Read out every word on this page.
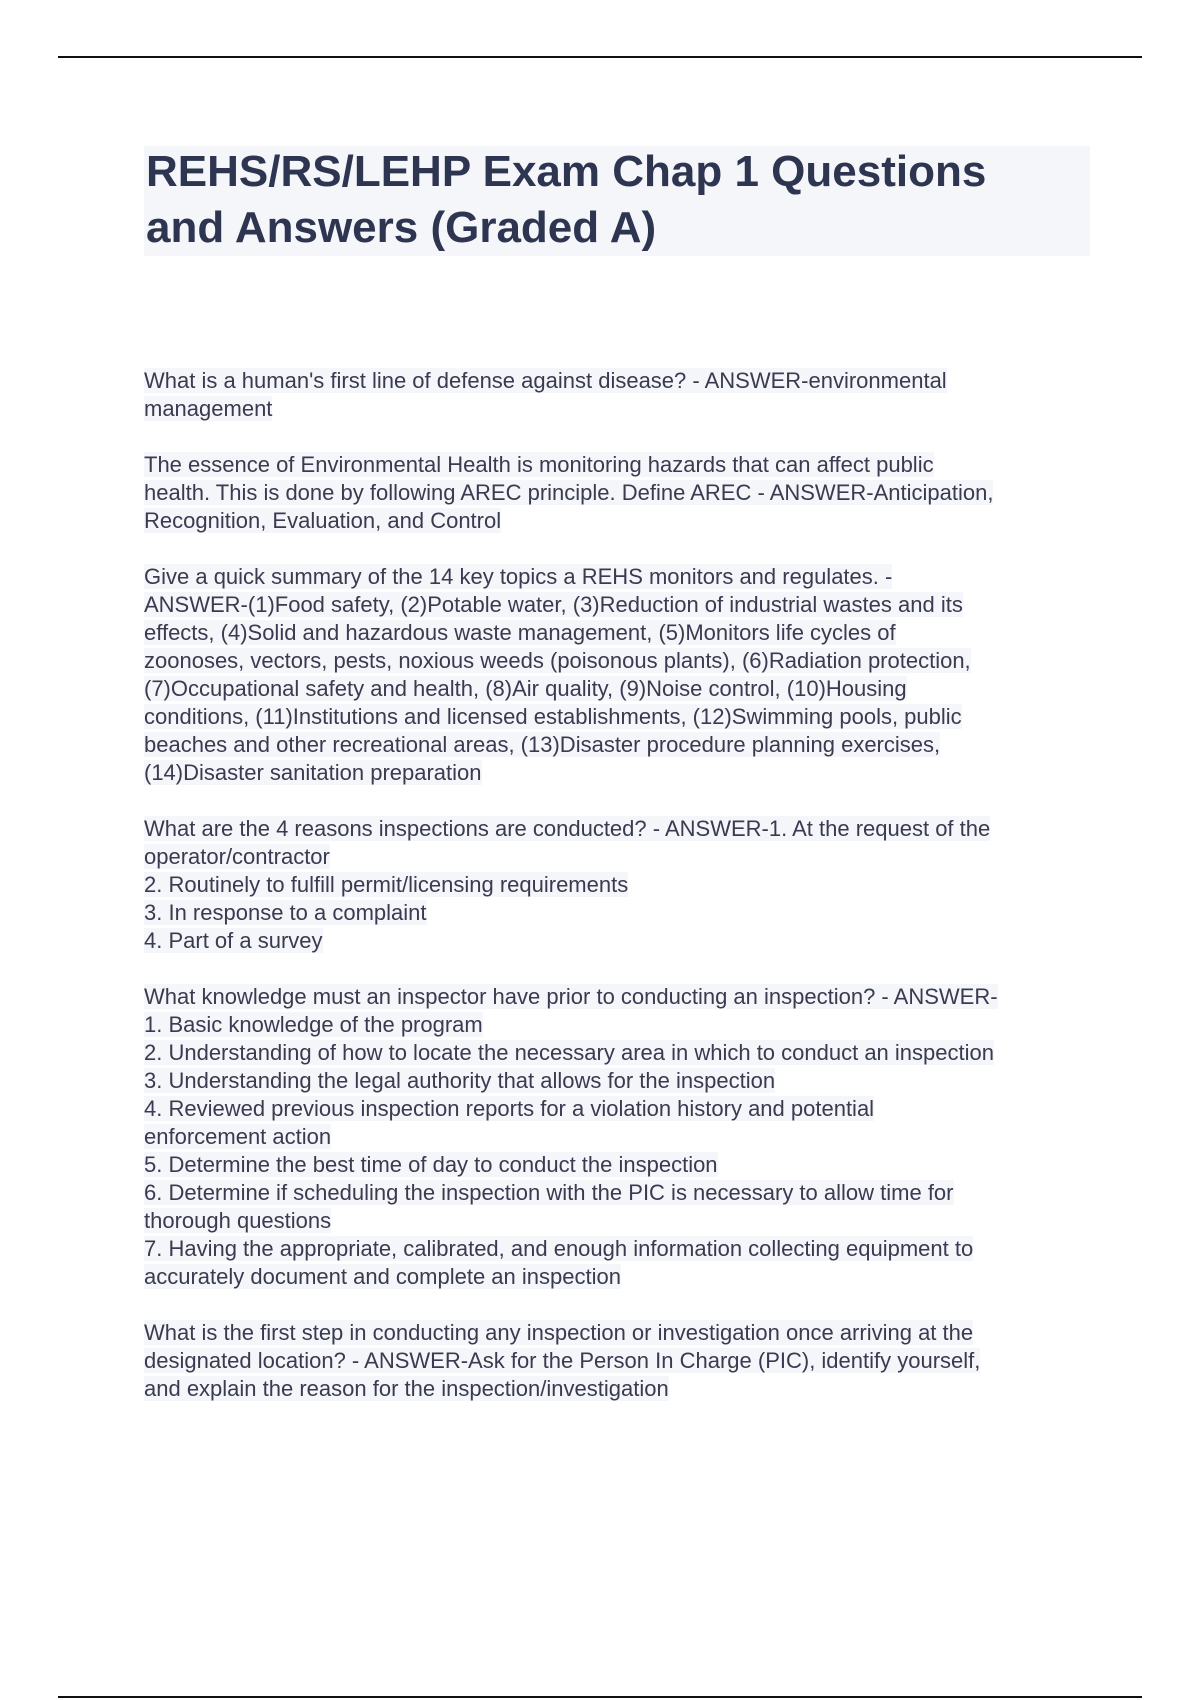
REHS/RS/LEHP Exam Chap 1 Questions
and Answers (Graded A)
What is a human's first line of defense against disease? - ANSWER-environmental
management
The essence of Environmental Health is monitoring hazards that can affect public
health. This is done by following AREC principle. Define AREC - ANSWER-Anticipation,
Recognition, Evaluation, and Control
Give a quick summary of the 14 key topics a REHS monitors and regulates. -
ANSWER-(1)Food safety, (2)Potable water, (3)Reduction of industrial wastes and its
effects, (4)Solid and hazardous waste management, (5)Monitors life cycles of
zoonoses, vectors, pests, noxious weeds (poisonous plants), (6)Radiation protection,
(7)Occupational safety and health, (8)Air quality, (9)Noise control, (10)Housing
conditions, (11)Institutions and licensed establishments, (12)Swimming pools, public
beaches and other recreational areas, (13)Disaster procedure planning exercises,
(14)Disaster sanitation preparation
What are the 4 reasons inspections are conducted? - ANSWER-1. At the request of the
operator/contractor
2. Routinely to fulfill permit/licensing requirements
3. In response to a complaint
4. Part of a survey
What knowledge must an inspector have prior to conducting an inspection? - ANSWER-
1. Basic knowledge of the program
2. Understanding of how to locate the necessary area in which to conduct an inspection
3. Understanding the legal authority that allows for the inspection
4. Reviewed previous inspection reports for a violation history and potential
enforcement action
5. Determine the best time of day to conduct the inspection
6. Determine if scheduling the inspection with the PIC is necessary to allow time for
thorough questions
7. Having the appropriate, calibrated, and enough information collecting equipment to
accurately document and complete an inspection
What is the first step in conducting any inspection or investigation once arriving at the
designated location? - ANSWER-Ask for the Person In Charge (PIC), identify yourself,
and explain the reason for the inspection/investigation
